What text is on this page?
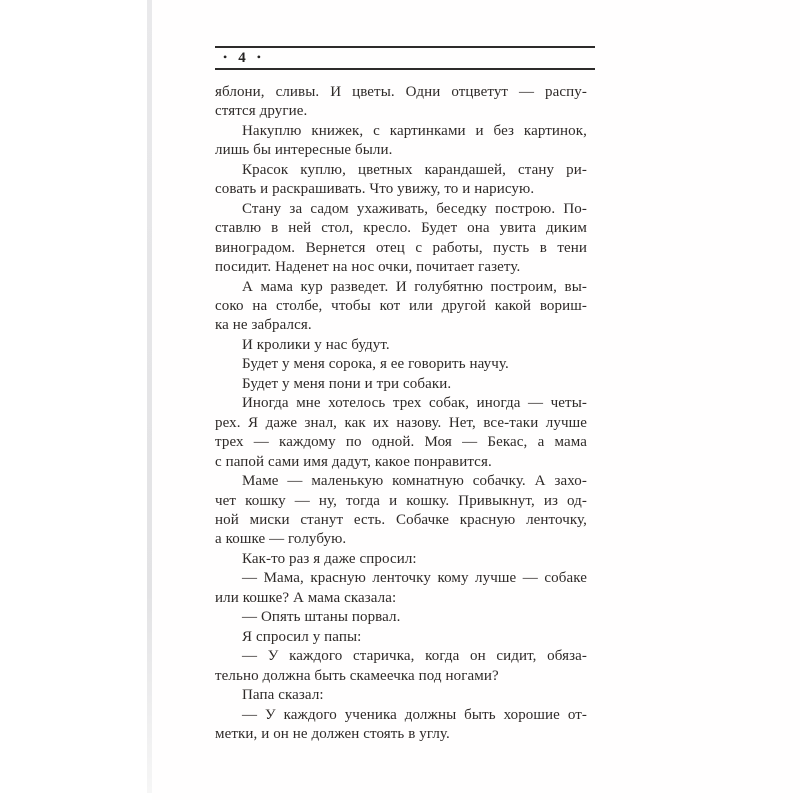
• 4 •
яблони, сливы. И цветы. Одни отцветут — распу-
стятся другие.
Накуплю книжек, с картинками и без картинок,
лишь бы интересные были.
Красок куплю, цветных карандашей, стану ри-
совать и раскрашивать. Что увижу, то и нарисую.
Стану за садом ухаживать, беседку построю. По-
ставлю в ней стол, кресло. Будет она увита диким
виноградом. Вернется отец с работы, пусть в тени
посидит. Наденет на нос очки, почитает газету.
А мама кур разведет. И голубятню построим, вы-
соко на столбе, чтобы кот или другой какой вориш-
ка не забрался.
И кролики у нас будут.
Будет у меня сорока, я ее говорить научу.
Будет у меня пони и три собаки.
Иногда мне хотелось трех собак, иногда — четы-
рех. Я даже знал, как их назову. Нет, все-таки лучше
трех — каждому по одной. Моя — Бекас, а мама
с папой сами имя дадут, какое понравится.
Маме — маленькую комнатную собачку. А захо-
чет кошку — ну, тогда и кошку. Привыкнут, из од-
ной миски станут есть. Собачке красную ленточку,
а кошке — голубую.
Как-то раз я даже спросил:
— Мама, красную ленточку кому лучше — собаке
или кошке? А мама сказала:
— Опять штаны порвал.
Я спросил у папы:
— У каждого старичка, когда он сидит, обяза-
тельно должна быть скамеечка под ногами?
Папа сказал:
— У каждого ученика должны быть хорошие от-
метки, и он не должен стоять в углу.
